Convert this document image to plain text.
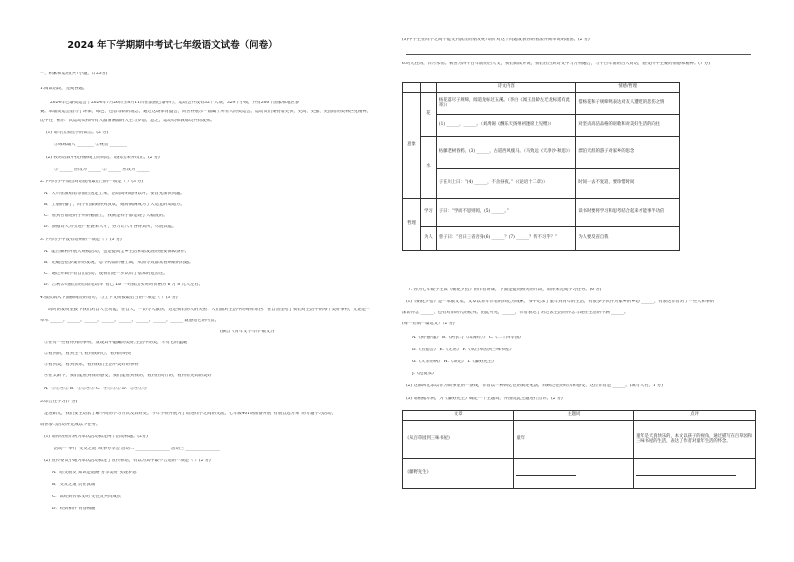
2024 年下学期期中考试七年级语文试卷（问卷）
一、积累和运用(共7小题，计23分)
1.阅读语段，完成各题。
2024年巴黎奥运会于2024年7月26日至8月11日在法国巴黎举行，运动会共设有32个大项、329个小项，共有206个国家和地区参
赛。本届奥运会倡导了环保、绿色、包容等新的理念，通过这场体育盛会，向世界展示一届属于所有人的奥运会。运动员们秉持着更快、更高、更强、更团结的奥林匹克精神，
比中性“ 祖尔” 式运动员和所有人激情满溢的人生与梦想，总之，运动员和教练员共同发挥。
(1) 请写出加点字的读音。(2 分)
①咏咏诵人 ________ ②祝贺 ________
(2) 校对语段中找到横线上的词语，请找出来并改正。(2 分)
① ______ 应改为 ______ ② ______ 应改为 ______
2.下列句子中加点词语使用最恰当的一项是（ ）(3 分)
A．天只在演唱者等面目送走上来，活动高明地得以开。要首先加快问题。
B．上册的播了，同学们都倒得到放欢，她将倒满成为了大适宜的境地方。
C．看到吾前进的手所的棚窗上，我倒是样子都是现了大幅度的。
D．骄傲诗大为引进产业链来人才，努力让八才各得其所，尽展其能。
3.下列句子中没有语病的一项是（ ）(3 分)
A．能否顺利开展大规模活动，也是提高全乡生活和谐发展的重要保障条件。
B．记载包括多案件的发现，您今药品价格上调，从而导致群众看病难的问题。
C．通过开阔学者自出活动，使我们进一步认识了基本的危害性。
D．吉利公司推出的首款电动车“智己 L6”一经推出实时时价格为 6 万 8 元人左右。
4.依次填入下面横线处的语句，与上下文衔接最恰当的一项是（ ）(3 分)
幼时的发明里接下我们对自人生功能，在自天，一切令人激快，这是我们的人的关照：人们面对生活中的每样东西：在自然里给了我们对生活中的每个美好事物，无论是一
草木 ______。______。______。______。______。______。______。______ 就感悟它的可贵。
(摘自《青年文学写作·散文》)
①在有一些看得到的事物，发现其中隐藏的美好,生活中的美，才有它的温暖
②看到的，看到生气 看到我的心，看到的明亮
③看到美，看到快乐，看到我们生活中美好的事物
④在太阳下，我们能看到我的感受，我们能看到我的，看到在同行的，看到有更高的美好
A．③①④② B．①②④③ C．④①③② D．②④①③
5.综合性学习(7 分)
走进阳光，我们要主动去了解不同的学习方式及其好处。今年学校开展为了增进同学之间的交流，七年级401班准备开展“有朋自远方来”的专题学习活动，
请你参与活动并完成以下任务。
(1) 请你仿照示例为本次活动拟定两个活动标题。(2分)
活动一 举行“交友之道”故事分享会 活动二 ________________ 活动三 ________________
(2) 宣传委员小谢为本次活动拟定了宣传标语，有以为其中最不合适的一项是（ ）(2 分)
A．结交朋友 知识是道路 分享美好 实现梦想
B．交友之道 贵在真诚
C．读经典传承文明 交往友共同成长
D．经典相伴 青春相随
(3)中学生在同学之间不能交到真正的朋友呢?请针对这个问题发表你的看法并简单说明理由。(2 分)
6.时光荏苒，日月永恒。被誉为四千百年前的古人文，我们阅读并说，我们在古典诗文中与万物融合，与千百年前的古人对话，感受传中主豪的情感和精神。(7 分)
		诗文内容	情感/哲理
意象	花	杨花落尽子规啼，闻道龙标过五溪。（李白《闻王昌龄左迁龙标遥有此寄》）	借杨花和子规啼鸣表达对友人遭贬的悲伤之情
		(1) ______，______。（刘禹锡《酬乐天扬州初逢席上见赠》）	对坚贞高洁品格的讴歌和对美好生活的向往
	水	枯藤老树昏鸦，(3) ______，古道西风瘦马。（马致远《天净沙·秋思》）	漂泊天涯的游子对家乡的思念
		子在川上曰：“(4) ______，不舍昼夜。”（《论语十二章》）	时间一去不复返，要珍惜时间
哲理	学习	子曰：“学而不思则罔，(5) ______。”	读书时要将学习和思考结合起来才能事半功倍
	为人	曾子曰：“吾日三省吾身(6) ______？(7) ______？传不习乎？”	为人要反省自我
7. 你为七年级学生读《朝花夕拾》的作者讲课，下面是提问相关的片段，请你来完成学习任务。(6 分)
(1)《朝花夕拾》是一本散文集，文章以青年作者的回忆为线索，书中记录了童年到青年的生活，有很多小伙伴为家乡的乡愁 ______，有表达作者对于一些人和事的
深切怀念 ______，也有对旧时代的批判。由此可见，______，作者表达了对过去生活的怀念与现在生活的不满 ______。
(每一处填一篇选文）（2 分)
A.《狗·猫·鼠》 B.《阿长与〈山海经〉》 C.《二十四孝图》
D.《五猖会》 E.《无常》 F.《从百草园到三味书屋》
G.《父亲的病》 H.《琐记》 I.《藤野先生》
J.《范爱农》
(2) 这部回忆录以作为故事里的一条线，作者以一种回忆性的叙述笔法，回顾过往的经历和感受，这位作者是 ______。(填写人名，1 分)
(3) 请根据示例，为《藤野先生》确定一个主题词，并围绕此主题进行点评。(2 分)
文章	主题词	点评
《从百草园到三味书屋》	童年	童年是天真快乐的，本文以孩子的视角，通过描写在百草园和三味书屋的生活，表达了作者对童年生活的怀念。
《藤野先生》		
